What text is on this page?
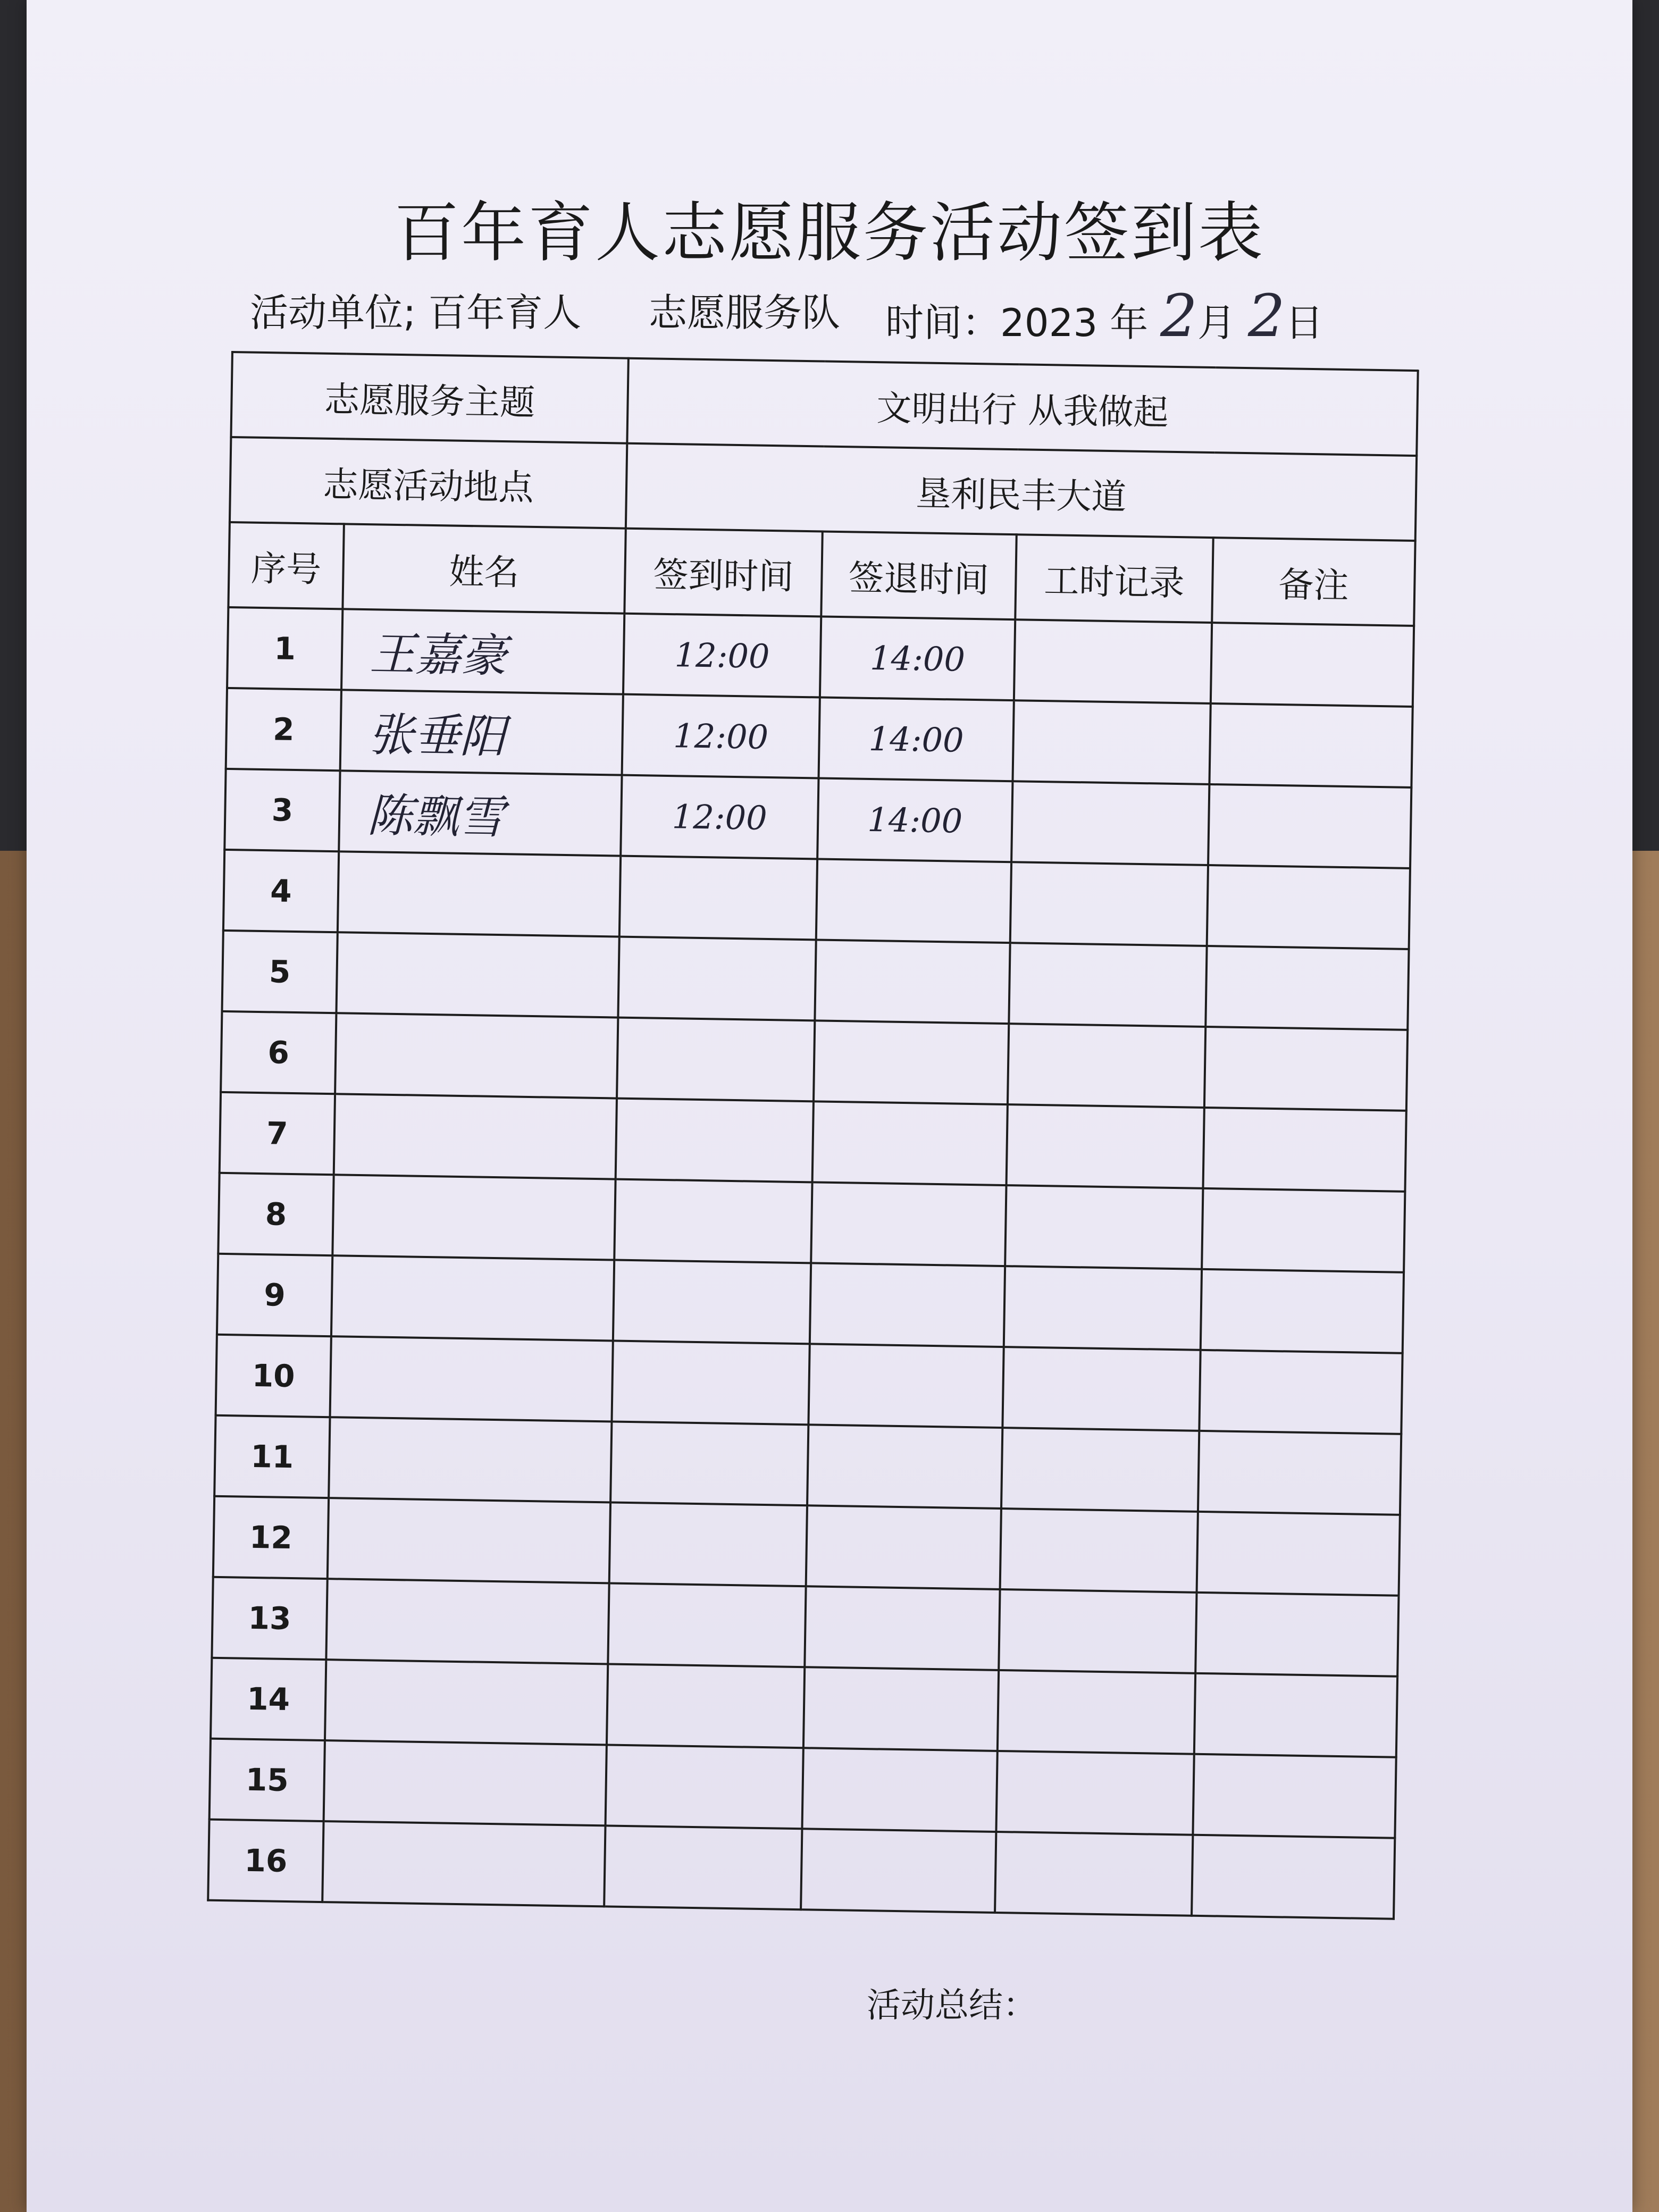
百年育人志愿服务活动签到表
活动单位; 百年育人 志愿服务队 时间：2023 年 2月 2日
志愿服务主题		文明出行 从我做起			
志愿活动地点		垦利民丰大道			
序号	姓名	签到时间	签退时间	工时记录	备注
1	王嘉豪	12:00	14:00		
2	张垂阳	12:00	14:00		
3	陈飘雪	12:00	14:00		
4					
5					
6					
7					
8					
9					
10					
11					
12					
13					
14					
15					
16					
活动总结：
